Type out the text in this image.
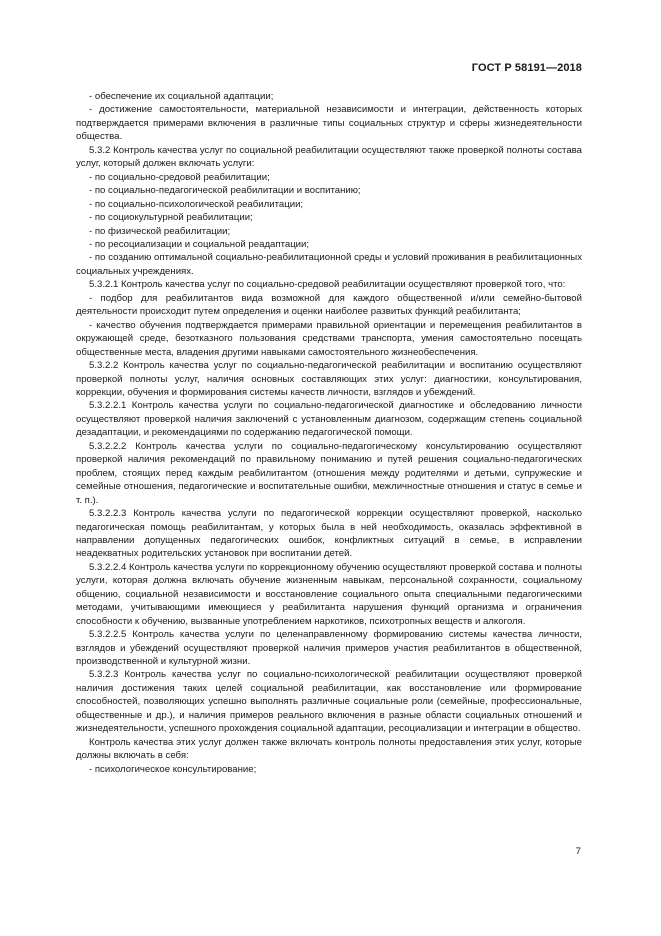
ГОСТ Р 58191—2018

- обеспечение их социальной адаптации;

- достижение самостоятельности, материальной независимости и интеграции, действенность которых подтверждается примерами включения в различные типы социальных структур и сферы жизнедеятельности общества.

5.3.2 Контроль качества услуг по социальной реабилитации осуществляют также проверкой полноты состава услуг, который должен включать услуги:

- по социально-средовой реабилитации;

- по социально-педагогической реабилитации и воспитанию;

- по социально-психологической реабилитации;

- по социокультурной реабилитации;

- по физической реабилитации;

- по ресоциализации и социальной реадаптации;

- по созданию оптимальной социально-реабилитационной среды и условий проживания в реабилитационных социальных учреждениях.

5.3.2.1 Контроль качества услуг по социально-средовой реабилитации осуществляют проверкой того, что:

- подбор для реабилитантов вида возможной для каждого общественной и/или семейно-бытовой деятельности происходит путем определения и оценки наиболее развитых функций реабилитанта;

- качество обучения подтверждается примерами правильной ориентации и перемещения реабилитантов в окружающей среде, безотказного пользования средствами транспорта, умения самостоятельно посещать общественные места, владения другими навыками самостоятельного жизнеобеспечения.

5.3.2.2 Контроль качества услуг по социально-педагогической реабилитации и воспитанию осуществляют проверкой полноты услуг, наличия основных составляющих этих услуг: диагностики, консультирования, коррекции, обучения и формирования системы качеств личности, взглядов и убеждений.

5.3.2.2.1 Контроль качества услуги по социально-педагогической диагностике и обследованию личности осуществляют проверкой наличия заключений с установленным диагнозом, содержащим степень социальной дезадаптации, и рекомендациями по содержанию педагогической помощи.

5.3.2.2.2 Контроль качества услуги по социально-педагогическому консультированию осуществляют проверкой наличия рекомендаций по правильному пониманию и путей решения социально-педагогических проблем, стоящих перед каждым реабилитантом (отношения между родителями и детьми, супружеские и семейные отношения, педагогические и воспитательные ошибки, межличностные отношения и статус в семье и т. п.).

5.3.2.2.3 Контроль качества услуги по педагогической коррекции осуществляют проверкой, насколько педагогическая помощь реабилитантам, у которых была в ней необходимость, оказалась эффективной в направлении допущенных педагогических ошибок, конфликтных ситуаций в семье, в исправлении неадекватных родительских установок при воспитании детей.

5.3.2.2.4 Контроль качества услуги по коррекционному обучению осуществляют проверкой состава и полноты услуги, которая должна включать обучение жизненным навыкам, персональной сохранности, социальному общению, социальной независимости и восстановление социального опыта специальными педагогическими методами, учитывающими имеющиеся у реабилитанта нарушения функций организма и ограничения способности к обучению, вызванные употреблением наркотиков, психотропных веществ и алкоголя.

5.3.2.2.5 Контроль качества услуги по целенаправленному формированию системы качества личности, взглядов и убеждений осуществляют проверкой наличия примеров участия реабилитантов в общественной, производственной и культурной жизни.

5.3.2.3 Контроль качества услуг по социально-психологической реабилитации осуществляют проверкой наличия достижения таких целей социальной реабилитации, как восстановление или формирование способностей, позволяющих успешно выполнять различные социальные роли (семейные, профессиональные, общественные и др.), и наличия примеров реального включения в разные области социальных отношений и жизнедеятельности, успешного прохождения социальной адаптации, ресоциализации и интеграции в общество.

Контроль качества этих услуг должен также включать контроль полноты предоставления этих услуг, которые должны включать в себя:

- психологическое консультирование;

7
